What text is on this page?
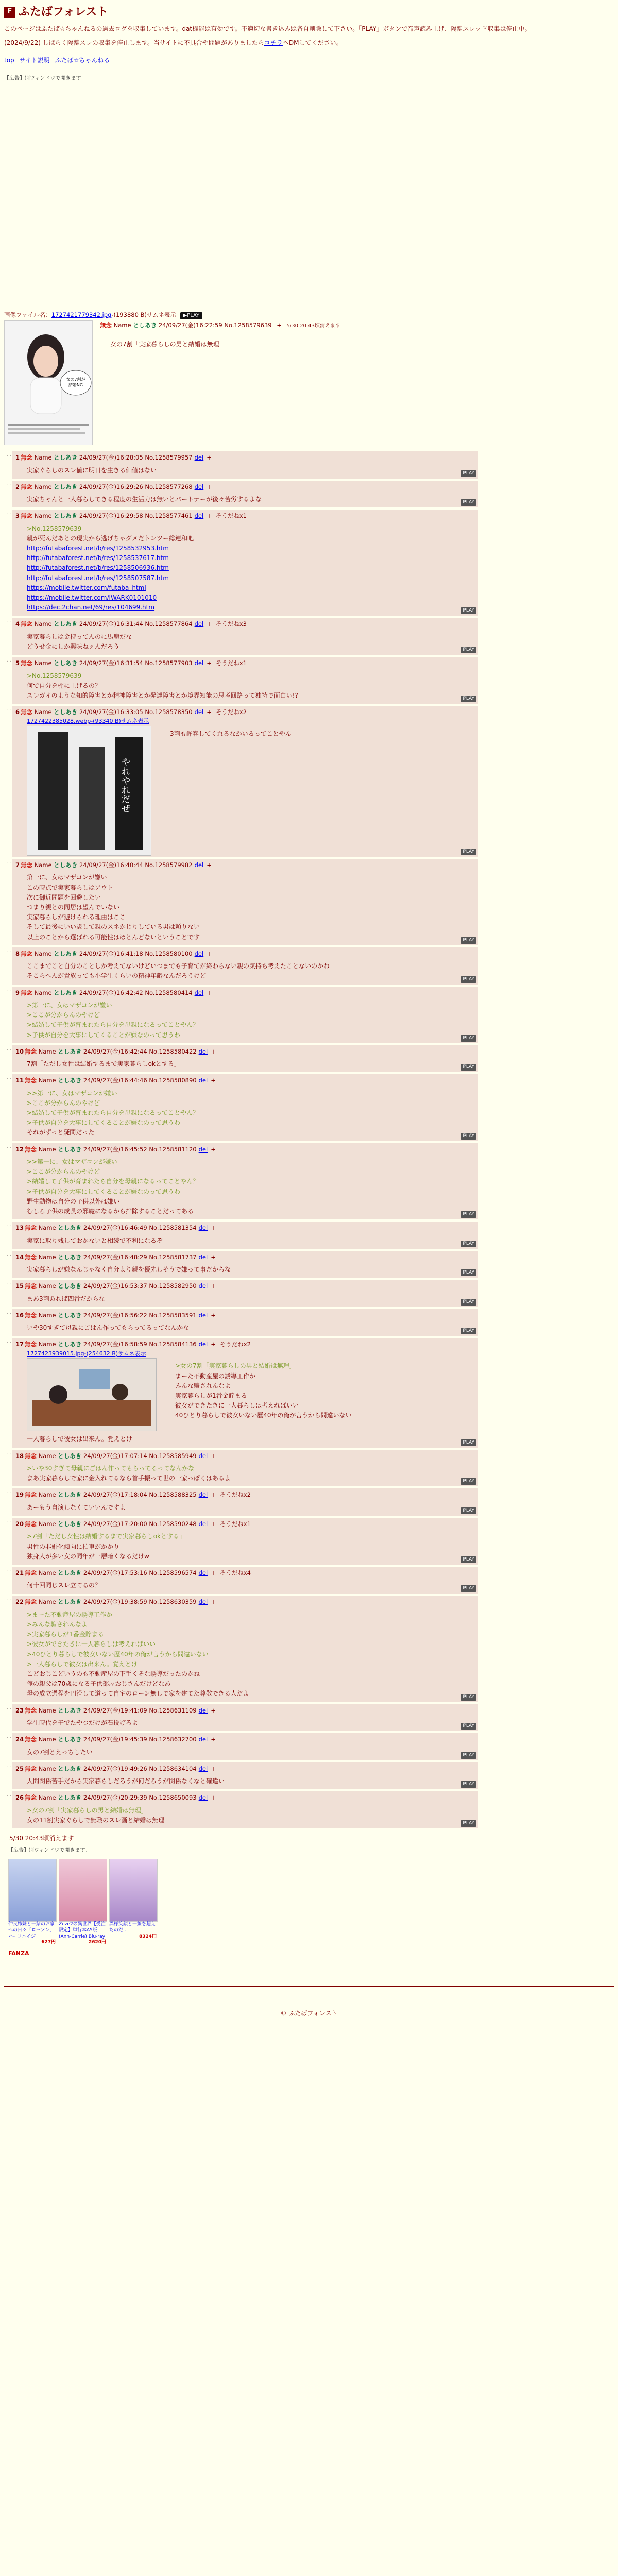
F ふたばフォレスト

このページはふたば☆ちゃんねるの過去ログを収集しています。dat機能は有効です。不適切な書き込みは各自削除して下さい。「PLAY」ボタンで音声読み上げ、隔離スレッド収集は停止中。

(2024/9/22) しばらく隔離スレの収集を停止します。当サイトに不具合や問題がありましたらコチラへDMしてください。

top サイト説明 ふたば☆ちゃんねる
【広告】別ウィンドウで開きます。
画像ファイル名：1727421779342.jpg-(193880 B)サムネ表示 ▶PLAY
女の7割が
結婚NG
無念 Name としあき 24/09/27(金)16:22:59 No.1258579639 + 5/30 20:43頃消えます
女の7割「実家暮らしの男と結婚は無理」
… 1 無念 Name としあき 24/09/27(金)16:28:05 No.1258579957 del +
実家ぐらしのスレ値に明日を生きる価値はない	PLAY
… 2 無念 Name としあき 24/09/27(金)16:29:26 No.1258577268 del +
実家ちゃんと一人暮らしてきる程度の生活力は無いとパートナーが後々苦労するよな	PLAY
… 3 無念 Name としあき 24/09/27(金)16:29:58 No.1258577461 del + そうだねx1
>No.1258579639
親が死んだあとの現実から逃げちゃダメだトンツー総連和吧
http://futabaforest.net/b/res/1258532953.htm
http://futabaforest.net/b/res/1258537617.htm
http://futabaforest.net/b/res/1258506936.htm
http://futabaforest.net/b/res/1258507587.htm
https://mobile.twitter.com/futaba_html
https://mobile.twitter.com/IWARK0101010
https://dec.2chan.net/69/res/104699.htm	PLAY
… 4 無念 Name としあき 24/09/27(金)16:31:44 No.1258577864 del + そうだねx3
実家暮らしは金持ってんのに馬鹿だな
どうせ金にしか興味ねぇんだろう	PLAY
… 5 無念 Name としあき 24/09/27(金)16:31:54 No.1258577903 del + そうだねx1
>No.1258579639
何で自分を棚に上げるの？
スレガイのような知的障害とか精神障害とか発達障害とか境界知能の思考回路って独特で面白い!?	PLAY
… 6 無念 Name としあき 24/09/27(金)16:33:05 No.1258578350 del + そうだねx2
1727422385028.webp-(93340 B)サムネ表示
やれやれだぜ
3割も許容してくれるなかいるってことやん
PLAY
… 7 無念 Name としあき 24/09/27(金)16:40:44 No.1258579982 del +
第一に、女はマザコンが嫌い
この時点で実家暮らしはアウト
次に御近問題を回避したい
つまり親との同居は望んでいない
実家暮らしが避けられる理由はここ
そして最後にいい歳して親のスネかじりしている男は頼りない
以上のことから選ばれる可能性はほとんどないということです	PLAY
… 8 無念 Name としあき 24/09/27(金)16:41:18 No.1258580100 del +
ここまでこと自分のことしか考えてないけどいつまでも子育てが終わらない親の気持ち考えたことないのかね
そこらへんが貴族っても小学生くらいの精神年齢なんだろうけど	PLAY
… 9 無念 Name としあき 24/09/27(金)16:42:42 No.1258580414 del +
>第一に、女はマザコンが嫌い
>ここが分からんのやけど
>結婚して子供が育まれたら自分を母親になるってことやん？
>子供が自分を大事にしてくることが嫌なのって思うわ	PLAY
… 10 無念 Name としあき 24/09/27(金)16:42:44 No.1258580422 del +
7割「ただし女性は結婚するまで実家暮らしokとする」	PLAY
… 11 無念 Name としあき 24/09/27(金)16:44:46 No.1258580890 del +
>>第一に、女はマザコンが嫌い
>ここが分からんのやけど
>結婚して子供が育まれたら自分を母親になるってことやん？
>子供が自分を大事にしてくることが嫌なのって思うわ
それがずっと疑問だった	PLAY
… 12 無念 Name としあき 24/09/27(金)16:45:52 No.1258581120 del +
>>第一に、女はマザコンが嫌い
>ここが分からんのやけど
>結婚して子供が育まれたら自分を母親になるってことやん？
>子供が自分を大事にしてくることが嫌なのって思うわ
野生動物は自分の子供以外は嫌い
むしろ子供の成長の邪魔になるから排除することだってある	PLAY
… 13 無念 Name としあき 24/09/27(金)16:46:49 No.1258581354 del +
実家に取り残しておかないと相続で不利になるぞ	PLAY
… 14 無念 Name としあき 24/09/27(金)16:48:29 No.1258581737 del +
実家暮らしが嫌なんじゃなく自分より親を優先しそうで嫌って事だからな	PLAY
… 15 無念 Name としあき 24/09/27(金)16:53:37 No.1258582950 del +
まあ3割あれば四番だからな	PLAY
… 16 無念 Name としあき 24/09/27(金)16:56:22 No.1258583591 del +
いや30すぎて母親にごはん作ってもらってるってなんかな	PLAY
… 17 無念 Name としあき 24/09/27(金)16:58:59 No.1258584136 del + そうだねx2
1727423939015.jpg-(254632 B)サムネ表示
>女の7割「実家暮らしの男と結婚は無理」
まーた不動産屋の誘導工作か
みんな騙されんなよ
実家暮らしが1番金貯まる
彼女ができたきに一人暮らしは考えればいい
40ひとり暮らしで彼女いない歴40年の俺が言うから間違いない
一人暮らしで彼女は出来ん。覚えとけ	PLAY
… 18 無念 Name としあき 24/09/27(金)17:07:14 No.1258585949 del +
>いや30すぎて母親にごはん作ってもらってるってなんかな
まあ実家暮らしで家に金入れてるなら首手振って世の一家っぽくはあるよ	PLAY
… 19 無念 Name としあき 24/09/27(金)17:18:04 No.1258588325 del + そうだねx2
あーもう自演しなくていいんですよ	PLAY
… 20 無念 Name としあき 24/09/27(金)17:20:00 No.1258590248 del + そうだねx1
>7割「ただし女性は結婚するまで実家暮らしokとする」
男性の非婚化傾向に拍車がかかり
独身人が多い女の同年が一層暗くなるだけw	PLAY
… 21 無念 Name としあき 24/09/27(金)17:53:16 No.1258596574 del + そうだねx4
何十回同じスレ立てるの？	PLAY
… 22 無念 Name としあき 24/09/27(金)19:38:59 No.1258630359 del +
>まーた不動産屋の誘導工作か
>みんな騙されんなよ
>実家暮らしが1番金貯まる
>彼女ができたきに一人暮らしは考えればいい
>40ひとり暮らしで彼女いない歴40年の俺が言うから間違いない
>一人暮らしで彼女は出来ん。覚えとけ
こどおじこどいうのも不動産屋の下手くそな誘導だったのかね
俺の親父は70歳になる子供部屋おじさんだけどなあ
母の成立過程を円滑して道って自宅のローン無しで家を建てた尊敬できる人だよ	PLAY
… 23 無念 Name としあき 24/09/27(金)19:41:09 No.1258631109 del +
学生時代を子でたやつだけが石投げろよ	PLAY
… 24 無念 Name としあき 24/09/27(金)19:45:39 No.1258632700 del +
女の7割とえっちしたい	PLAY
… 25 無念 Name としあき 24/09/27(金)19:49:26 No.1258634104 del +
人間関係苦手だから実家暮らしだろうが何だろうが関係なくなと確違い	PLAY
… 26 無念 Name としあき 24/09/27(金)20:29:39 No.1258650093 del +
>女の7割「実家暮らしの男と結婚は無理」
女の11割実家ぐらしで無職のスレ画と結婚は無理	PLAY
5/30 20:43頃消えます
【広告】別ウィンドウで開きます。
仲良姉妹と一緒のお家への日々「ローソン」ハーフエイジ
627円
Zeze2の異世界【受注限定】単行本A5版(Ann-Carrie) Blu-ray
2620円
異様笑顔と一線を超えたのだ…
8324円
FANZA
© ふたばフォレスト
